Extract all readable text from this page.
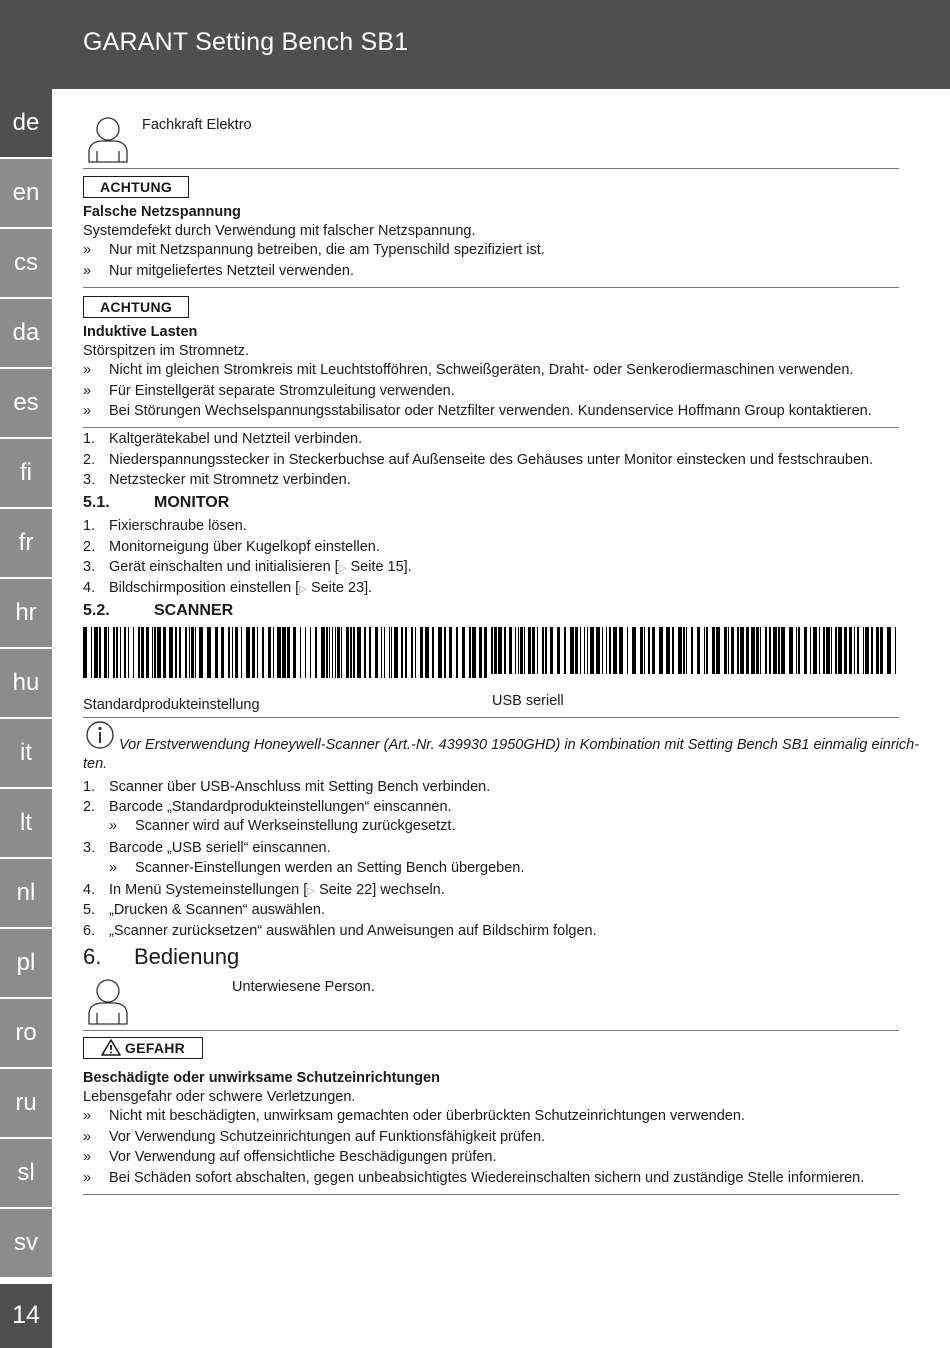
GARANT Setting Bench SB1
de
en
cs
da
es
fi
fr
hr
hu
it
lt
nl
pl
ro
ru
sl
sv
14
Fachkraft Elektro
ACHTUNG
Falsche Netzspannung
Systemdefekt durch Verwendung mit falscher Netzspannung.
» Nur mit Netzspannung betreiben, die am Typenschild spezifiziert ist.
» Nur mitgeliefertes Netzteil verwenden.
ACHTUNG
Induktive Lasten
Störspitzen im Stromnetz.
» Nicht im gleichen Stromkreis mit Leuchtstofföhren, Schweißgeräten, Draht- oder Senkerodiermaschinen verwenden.
» Für Einstellgerät separate Stromzuleitung verwenden.
» Bei Störungen Wechselspannungsstabilisator oder Netzfilter verwenden. Kundenservice Hoffmann Group kontaktieren.
1. Kaltgerätekabel und Netzteil verbinden.
2. Niederspannungsstecker in Steckerbuchse auf Außenseite des Gehäuses unter Monitor einstecken und festschrauben.
3. Netzstecker mit Stromnetz verbinden.
5.1.	MONITOR
1. Fixierschraube lösen.
2. Monitorneigung über Kugelkopf einstellen.
3. Gerät einschalten und initialisieren [▷ Seite 15].
4. Bildschirmposition einstellen [▷ Seite 23].
5.2.	SCANNER
Standardprodukteinstellung	USB seriell
Vor Erstverwendung Honeywell-Scanner (Art.-Nr. 439930 1950GHD) in Kombination mit Setting Bench SB1 einmalig einrich-
ten.
1. Scanner über USB-Anschluss mit Setting Bench verbinden.
2. Barcode „Standardprodukteinstellungen“ einscannen.
» Scanner wird auf Werkseinstellung zurückgesetzt.
3. Barcode „USB seriell“ einscannen.
» Scanner-Einstellungen werden an Setting Bench übergeben.
4. In Menü Systemeinstellungen [▷ Seite 22] wechseln.
5. „Drucken & Scannen“ auswählen.
6. „Scanner zurücksetzen“ auswählen und Anweisungen auf Bildschirm folgen.
6. Bedienung
Unterwiesene Person.
GEFAHR
Beschädigte oder unwirksame Schutzeinrichtungen
Lebensgefahr oder schwere Verletzungen.
» Nicht mit beschädigten, unwirksam gemachten oder überbrückten Schutzeinrichtungen verwenden.
» Vor Verwendung Schutzeinrichtungen auf Funktionsfähigkeit prüfen.
» Vor Verwendung auf offensichtliche Beschädigungen prüfen.
» Bei Schäden sofort abschalten, gegen unbeabsichtigtes Wiedereinschalten sichern und zuständige Stelle informieren.
